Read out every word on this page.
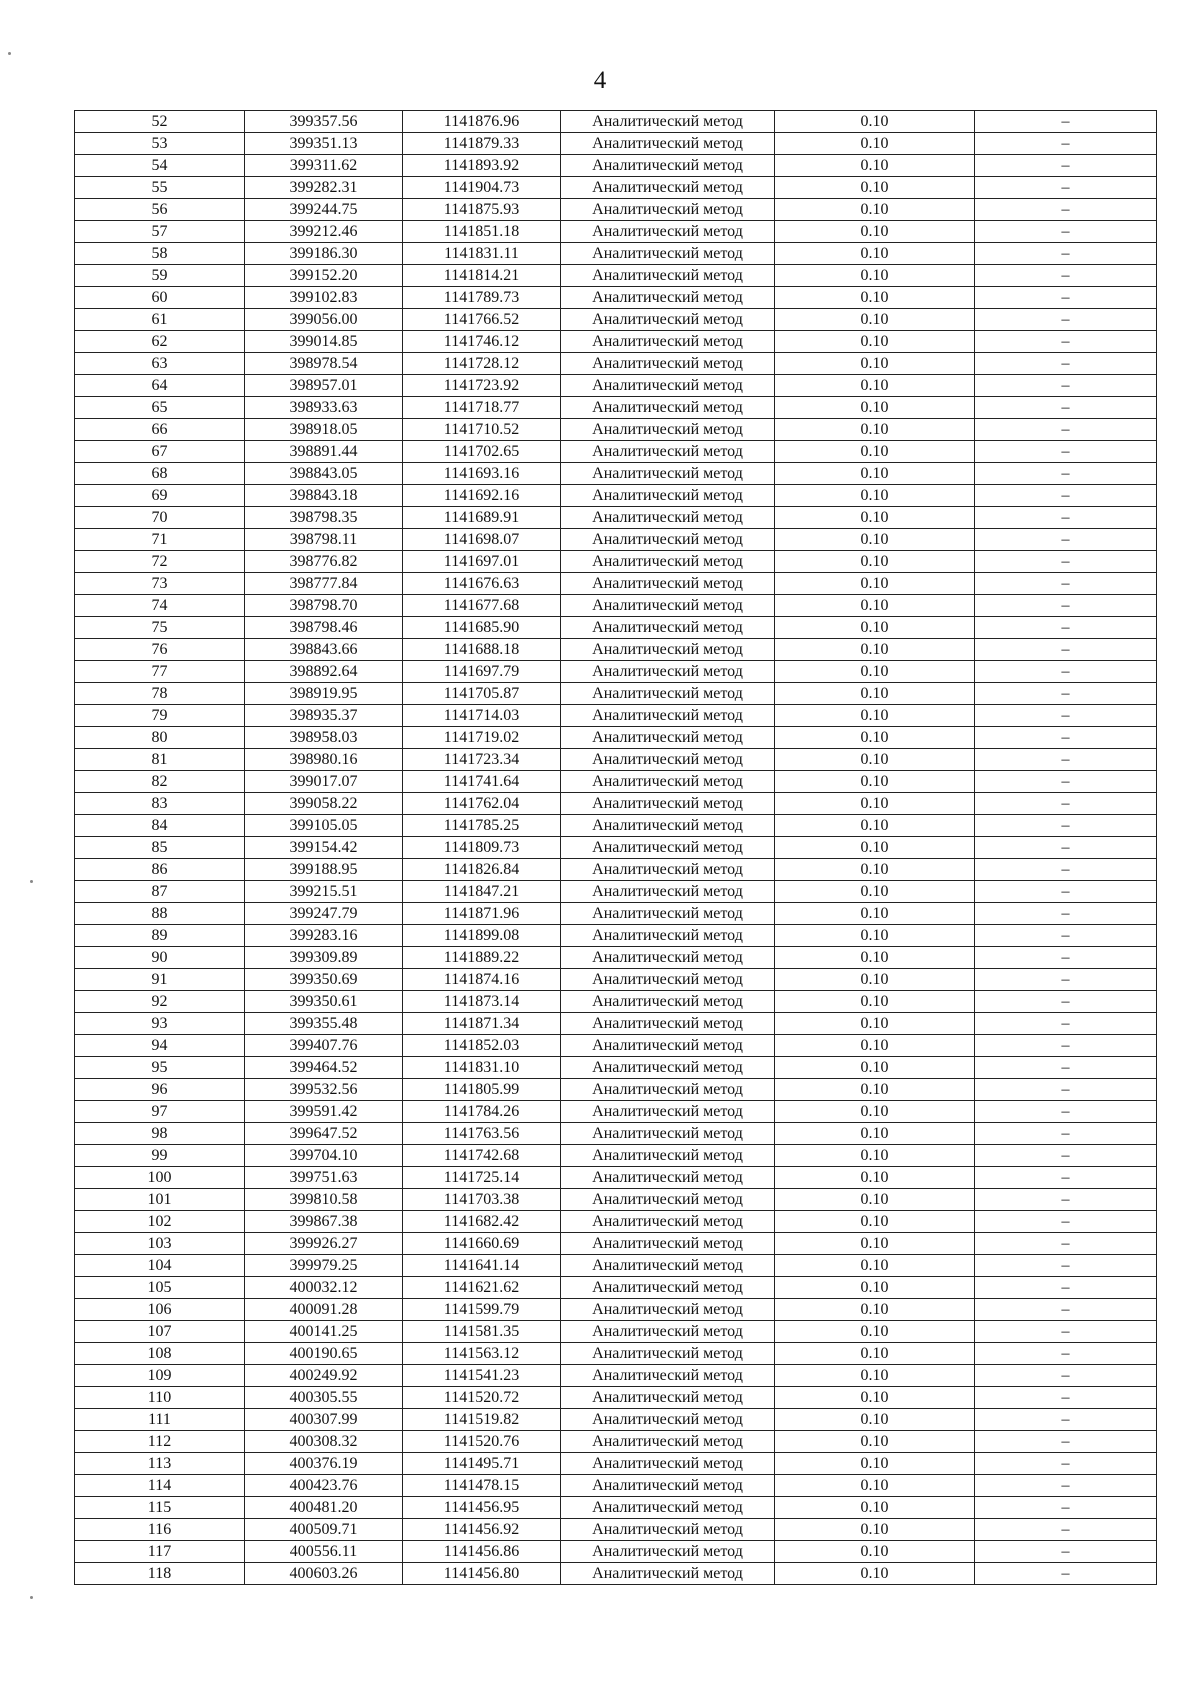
4
52	399357.56	1141876.96	Аналитический метод	0.10	–
53	399351.13	1141879.33	Аналитический метод	0.10	–
54	399311.62	1141893.92	Аналитический метод	0.10	–
55	399282.31	1141904.73	Аналитический метод	0.10	–
56	399244.75	1141875.93	Аналитический метод	0.10	–
57	399212.46	1141851.18	Аналитический метод	0.10	–
58	399186.30	1141831.11	Аналитический метод	0.10	–
59	399152.20	1141814.21	Аналитический метод	0.10	–
60	399102.83	1141789.73	Аналитический метод	0.10	–
61	399056.00	1141766.52	Аналитический метод	0.10	–
62	399014.85	1141746.12	Аналитический метод	0.10	–
63	398978.54	1141728.12	Аналитический метод	0.10	–
64	398957.01	1141723.92	Аналитический метод	0.10	–
65	398933.63	1141718.77	Аналитический метод	0.10	–
66	398918.05	1141710.52	Аналитический метод	0.10	–
67	398891.44	1141702.65	Аналитический метод	0.10	–
68	398843.05	1141693.16	Аналитический метод	0.10	–
69	398843.18	1141692.16	Аналитический метод	0.10	–
70	398798.35	1141689.91	Аналитический метод	0.10	–
71	398798.11	1141698.07	Аналитический метод	0.10	–
72	398776.82	1141697.01	Аналитический метод	0.10	–
73	398777.84	1141676.63	Аналитический метод	0.10	–
74	398798.70	1141677.68	Аналитический метод	0.10	–
75	398798.46	1141685.90	Аналитический метод	0.10	–
76	398843.66	1141688.18	Аналитический метод	0.10	–
77	398892.64	1141697.79	Аналитический метод	0.10	–
78	398919.95	1141705.87	Аналитический метод	0.10	–
79	398935.37	1141714.03	Аналитический метод	0.10	–
80	398958.03	1141719.02	Аналитический метод	0.10	–
81	398980.16	1141723.34	Аналитический метод	0.10	–
82	399017.07	1141741.64	Аналитический метод	0.10	–
83	399058.22	1141762.04	Аналитический метод	0.10	–
84	399105.05	1141785.25	Аналитический метод	0.10	–
85	399154.42	1141809.73	Аналитический метод	0.10	–
86	399188.95	1141826.84	Аналитический метод	0.10	–
87	399215.51	1141847.21	Аналитический метод	0.10	–
88	399247.79	1141871.96	Аналитический метод	0.10	–
89	399283.16	1141899.08	Аналитический метод	0.10	–
90	399309.89	1141889.22	Аналитический метод	0.10	–
91	399350.69	1141874.16	Аналитический метод	0.10	–
92	399350.61	1141873.14	Аналитический метод	0.10	–
93	399355.48	1141871.34	Аналитический метод	0.10	–
94	399407.76	1141852.03	Аналитический метод	0.10	–
95	399464.52	1141831.10	Аналитический метод	0.10	–
96	399532.56	1141805.99	Аналитический метод	0.10	–
97	399591.42	1141784.26	Аналитический метод	0.10	–
98	399647.52	1141763.56	Аналитический метод	0.10	–
99	399704.10	1141742.68	Аналитический метод	0.10	–
100	399751.63	1141725.14	Аналитический метод	0.10	–
101	399810.58	1141703.38	Аналитический метод	0.10	–
102	399867.38	1141682.42	Аналитический метод	0.10	–
103	399926.27	1141660.69	Аналитический метод	0.10	–
104	399979.25	1141641.14	Аналитический метод	0.10	–
105	400032.12	1141621.62	Аналитический метод	0.10	–
106	400091.28	1141599.79	Аналитический метод	0.10	–
107	400141.25	1141581.35	Аналитический метод	0.10	–
108	400190.65	1141563.12	Аналитический метод	0.10	–
109	400249.92	1141541.23	Аналитический метод	0.10	–
110	400305.55	1141520.72	Аналитический метод	0.10	–
111	400307.99	1141519.82	Аналитический метод	0.10	–
112	400308.32	1141520.76	Аналитический метод	0.10	–
113	400376.19	1141495.71	Аналитический метод	0.10	–
114	400423.76	1141478.15	Аналитический метод	0.10	–
115	400481.20	1141456.95	Аналитический метод	0.10	–
116	400509.71	1141456.92	Аналитический метод	0.10	–
117	400556.11	1141456.86	Аналитический метод	0.10	–
118	400603.26	1141456.80	Аналитический метод	0.10	–
